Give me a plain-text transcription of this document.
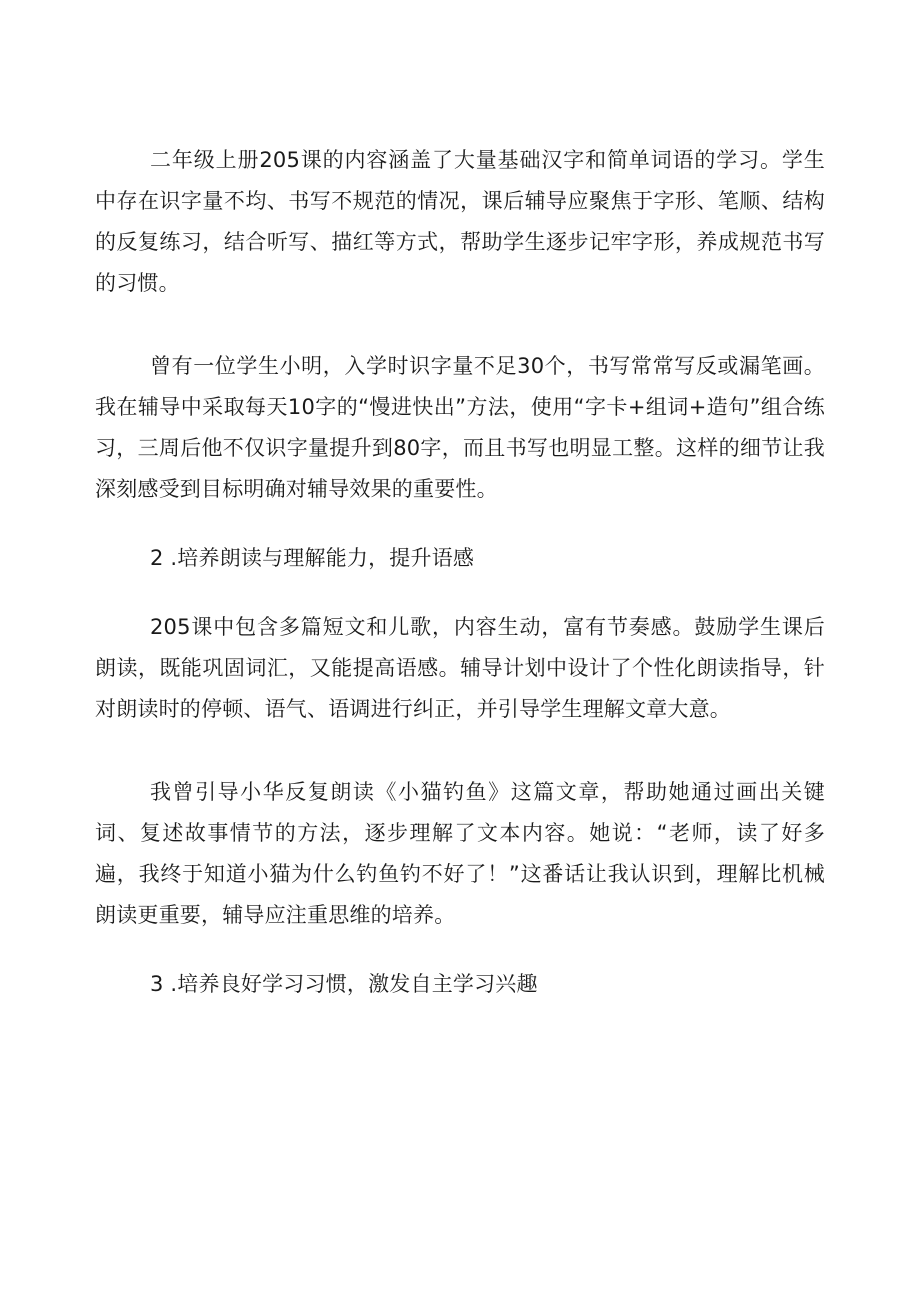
二年级上册205课的内容涵盖了大量基础汉字和简单词语的学习。学生中存在识字量不均、书写不规范的情况，课后辅导应聚焦于字形、笔顺、结构的反复练习，结合听写、描红等方式，帮助学生逐步记牢字形，养成规范书写的习惯。

曾有一位学生小明，入学时识字量不足30个，书写常常写反或漏笔画。我在辅导中采取每天10字的“慢进快出”方法，使用“字卡+组词+造句”组合练习，三周后他不仅识字量提升到80字，而且书写也明显工整。这样的细节让我深刻感受到目标明确对辅导效果的重要性。

2 .培养朗读与理解能力，提升语感

205课中包含多篇短文和儿歌，内容生动，富有节奏感。鼓励学生课后朗读，既能巩固词汇，又能提高语感。辅导计划中设计了个性化朗读指导，针对朗读时的停顿、语气、语调进行纠正，并引导学生理解文章大意。

我曾引导小华反复朗读《小猫钓鱼》这篇文章，帮助她通过画出关键词、复述故事情节的方法，逐步理解了文本内容。她说：“老师，读了好多遍，我终于知道小猫为什么钓鱼钓不好了！”这番话让我认识到，理解比机械朗读更重要，辅导应注重思维的培养。

3 .培养良好学习习惯，激发自主学习兴趣
